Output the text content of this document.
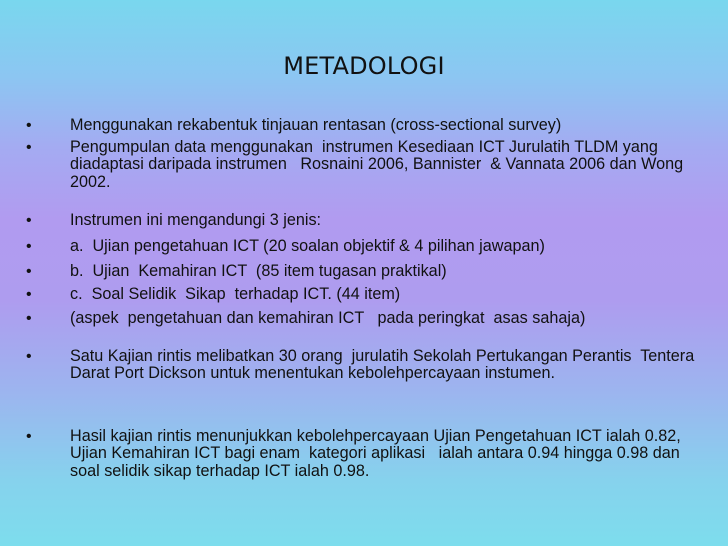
METADOLOGI
•	Menggunakan rekabentuk tinjauan rentasan (cross-sectional survey)
•	Pengumpulan data menggunakan  instrumen Kesediaan ICT Jurulatih TLDM yang diadaptasi daripada instrumen   Rosnaini 2006, Bannister  & Vannata 2006 dan Wong 2002.
•	Instrumen ini mengandungi 3 jenis:
•	a.  Ujian pengetahuan ICT (20 soalan objektif & 4 pilihan jawapan)
•	b.  Ujian  Kemahiran ICT  (85 item tugasan praktikal)
•	c.  Soal Selidik  Sikap  terhadap ICT. (44 item)
•	(aspek  pengetahuan dan kemahiran ICT   pada peringkat  asas sahaja)
•	Satu Kajian rintis melibatkan 30 orang  jurulatih Sekolah Pertukangan Perantis  Tentera Darat Port Dickson untuk menentukan kebolehpercayaan instumen.
•	Hasil kajian rintis menunjukkan kebolehpercayaan Ujian Pengetahuan ICT ialah 0.82, Ujian Kemahiran ICT bagi enam  kategori aplikasi   ialah antara 0.94 hingga 0.98 dan soal selidik sikap terhadap ICT ialah 0.98.
